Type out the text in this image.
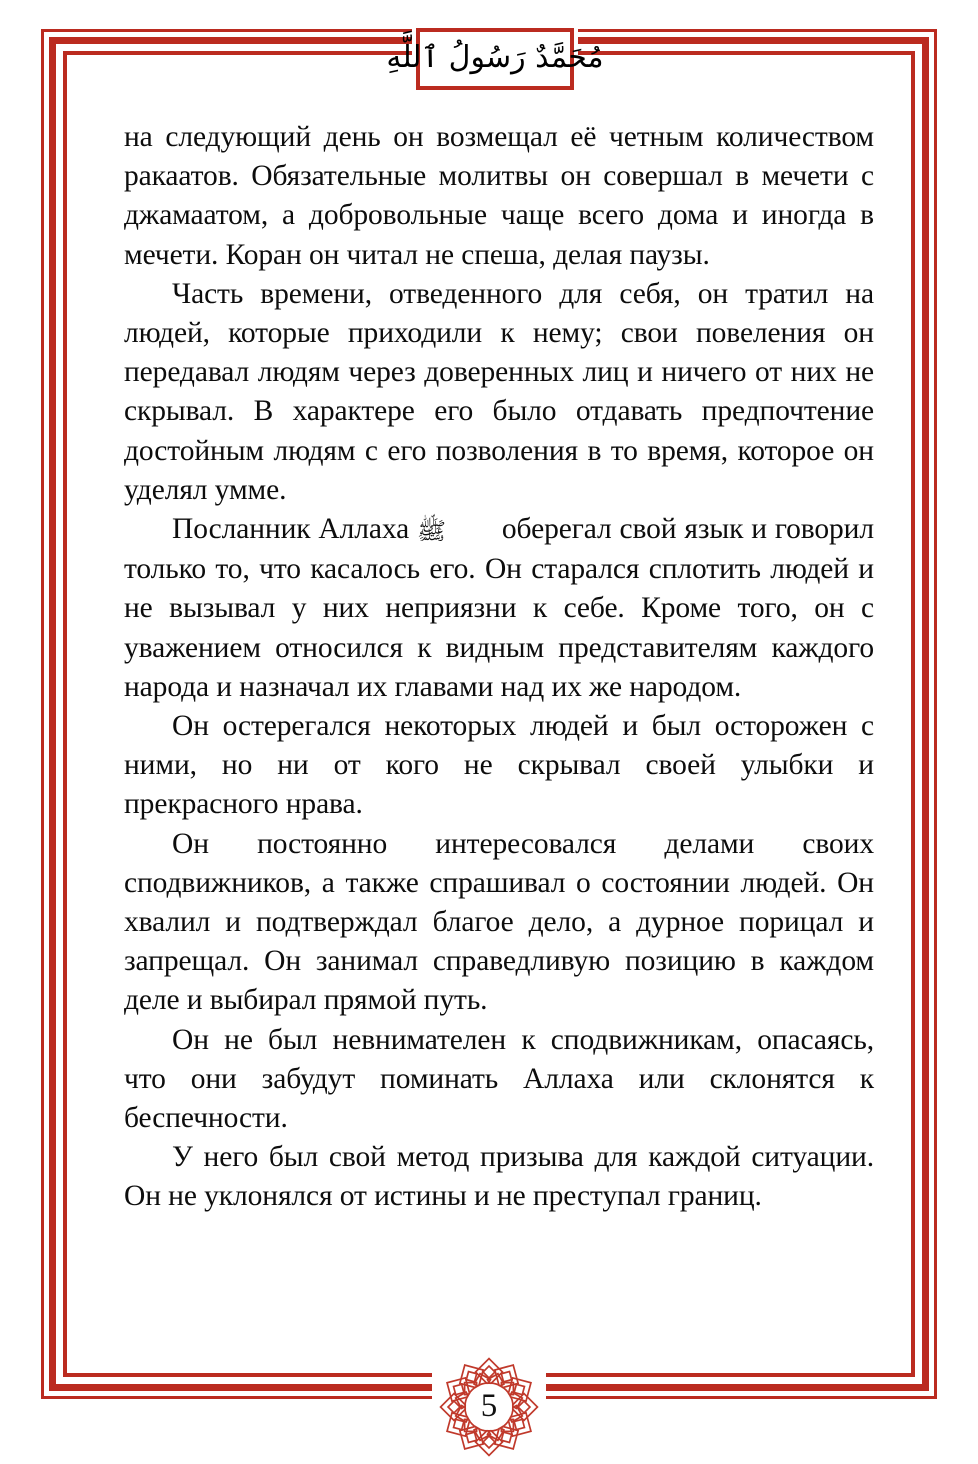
مُحَمَّدٌ رَسُولُ ٱللَّهِ

на следующий день он возмещал её четным количеством ракаатов. Обязательные молитвы он совершал в мечети с джамаатом, а добровольные чаще всего дома и иногда в мечети. Коран он читал не спеша, делая паузы.

Часть времени, отведенного для себя, он тратил на людей, которые приходили к нему; свои повеления он передавал людям через доверенных лиц и ничего от них не скрывал. В характере его было отдавать предпочтение достойным людям с его позволения в то время, которое он уделял умме.

Посланник Аллаха ﷺ оберегал свой язык и говорил только то, что касалось его. Он старался сплотить людей и не вызывал у них неприязни к себе. Кроме того, он с уважением относился к видным представителям каждого народа и назначал их главами над их же народом.

Он остерегался некоторых людей и был осторожен с ними, но ни от кого не скрывал своей улыбки и прекрасного нрава.

Он постоянно интересовался делами своих сподвижников, а также спрашивал о состоянии людей. Он хвалил и подтверждал благое дело, а дурное порицал и запрещал. Он занимал справедливую позицию в каждом деле и выбирал прямой путь.

Он не был невнимателен к сподвижникам, опасаясь, что они забудут поминать Аллаха или склонятся к беспечности.

У него был свой метод призыва для каждой ситуации. Он не уклонялся от истины и не преступал границ.

5
